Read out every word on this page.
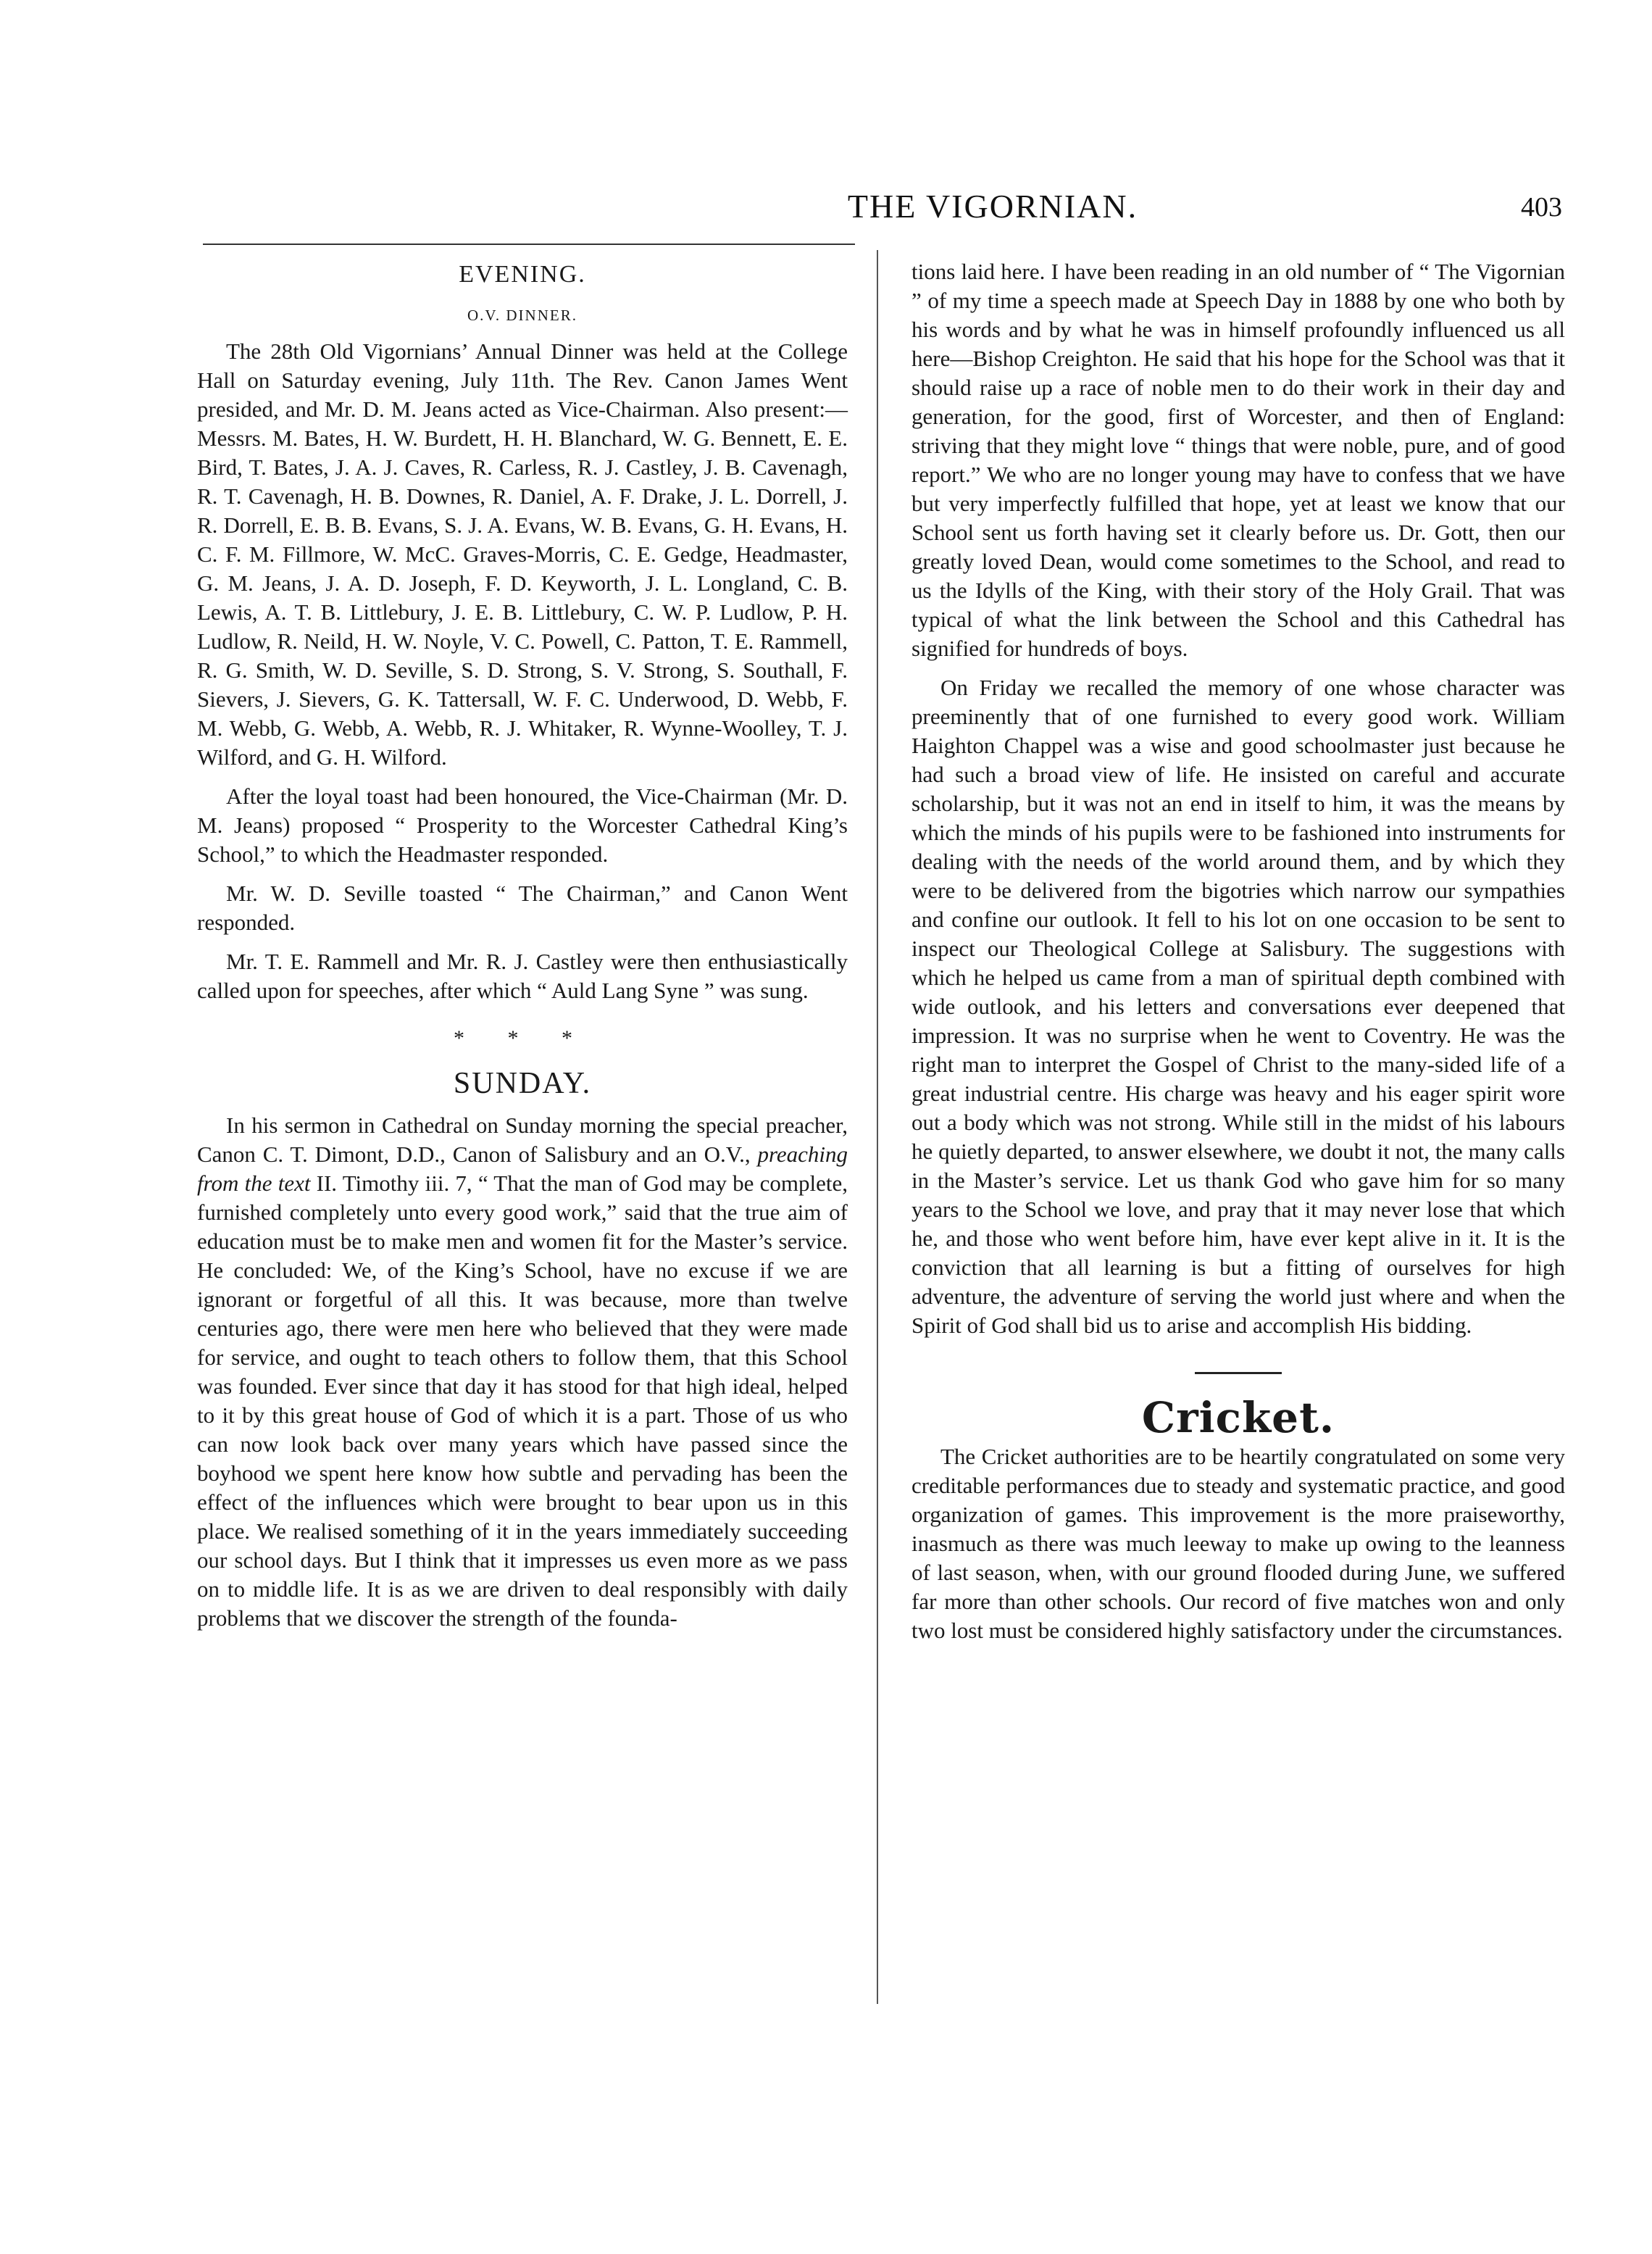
THE VIGORNIAN.	403
EVENING.
O.V. DINNER.

The 28th Old Vigornians’ Annual Dinner was held at the College Hall on Saturday evening, July 11th. The Rev. Canon James Went presided, and Mr. D. M. Jeans acted as Vice-Chairman. Also present:—Messrs. M. Bates, H. W. Burdett, H. H. Blanchard, W. G. Bennett, E. E. Bird, T. Bates, J. A. J. Caves, R. Carless, R. J. Castley, J. B. Cavenagh, R. T. Cavenagh, H. B. Downes, R. Daniel, A. F. Drake, J. L. Dorrell, J. R. Dorrell, E. B. B. Evans, S. J. A. Evans, W. B. Evans, G. H. Evans, H. C. F. M. Fillmore, W. McC. Graves-Morris, C. E. Gedge, Headmaster, G. M. Jeans, J. A. D. Joseph, F. D. Keyworth, J. L. Longland, C. B. Lewis, A. T. B. Littlebury, J. E. B. Littlebury, C. W. P. Ludlow, P. H. Ludlow, R. Neild, H. W. Noyle, V. C. Powell, C. Patton, T. E. Rammell, R. G. Smith, W. D. Seville, S. D. Strong, S. V. Strong, S. Southall, F. Sievers, J. Sievers, G. K. Tattersall, W. F. C. Underwood, D. Webb, F. M. Webb, G. Webb, A. Webb, R. J. Whitaker, R. Wynne-Woolley, T. J. Wilford, and G. H. Wilford.

After the loyal toast had been honoured, the Vice-Chairman (Mr. D. M. Jeans) proposed “ Prosperity to the Worcester Cathedral King’s School,” to which the Headmaster responded.

Mr. W. D. Seville toasted “ The Chairman,” and Canon Went responded.

Mr. T. E. Rammell and Mr. R. J. Castley were then enthusiastically called upon for speeches, after which “ Auld Lang Syne ” was sung.

* * *
SUNDAY.

In his sermon in Cathedral on Sunday morning the special preacher, Canon C. T. Dimont, D.D., Canon of Salisbury and an O.V., preaching from the text II. Timothy iii. 7, “ That the man of God may be complete, furnished completely unto every good work,” said that the true aim of education must be to make men and women fit for the Master’s service. He concluded: We, of the King’s School, have no excuse if we are ignorant or forgetful of all this. It was because, more than twelve centuries ago, there were men here who believed that they were made for service, and ought to teach others to follow them, that this School was founded. Ever since that day it has stood for that high ideal, helped to it by this great house of God of which it is a part. Those of us who can now look back over many years which have passed since the boyhood we spent here know how subtle and pervading has been the effect of the influences which were brought to bear upon us in this place. We realised something of it in the years immediately succeeding our school days. But I think that it impresses us even more as we pass on to middle life. It is as we are driven to deal responsibly with daily problems that we discover the strength of the founda-

tions laid here. I have been reading in an old number of “ The Vigornian ” of my time a speech made at Speech Day in 1888 by one who both by his words and by what he was in himself profoundly influenced us all here—Bishop Creighton. He said that his hope for the School was that it should raise up a race of noble men to do their work in their day and generation, for the good, first of Worcester, and then of England: striving that they might love “ things that were noble, pure, and of good report.” We who are no longer young may have to confess that we have but very imperfectly fulfilled that hope, yet at least we know that our School sent us forth having set it clearly before us. Dr. Gott, then our greatly loved Dean, would come sometimes to the School, and read to us the Idylls of the King, with their story of the Holy Grail. That was typical of what the link between the School and this Cathedral has signified for hundreds of boys.

On Friday we recalled the memory of one whose character was preeminently that of one furnished to every good work. William Haighton Chappel was a wise and good schoolmaster just because he had such a broad view of life. He insisted on careful and accurate scholarship, but it was not an end in itself to him, it was the means by which the minds of his pupils were to be fashioned into instruments for dealing with the needs of the world around them, and by which they were to be delivered from the bigotries which narrow our sympathies and confine our outlook. It fell to his lot on one occasion to be sent to inspect our Theological College at Salisbury. The suggestions with which he helped us came from a man of spiritual depth combined with wide outlook, and his letters and conversations ever deepened that impression. It was no surprise when he went to Coventry. He was the right man to interpret the Gospel of Christ to the many-sided life of a great industrial centre. His charge was heavy and his eager spirit wore out a body which was not strong. While still in the midst of his labours he quietly departed, to answer elsewhere, we doubt it not, the many calls in the Master’s service. Let us thank God who gave him for so many years to the School we love, and pray that it may never lose that which he, and those who went before him, have ever kept alive in it. It is the conviction that all learning is but a fitting of ourselves for high adventure, the adventure of serving the world just where and when the Spirit of God shall bid us to arise and accomplish His bidding.

Cricket.

The Cricket authorities are to be heartily congratulated on some very creditable performances due to steady and systematic practice, and good organization of games. This improvement is the more praiseworthy, inasmuch as there was much leeway to make up owing to the leanness of last season, when, with our ground flooded during June, we suffered far more than other schools. Our record of five matches won and only two lost must be considered highly satisfactory under the circumstances.
